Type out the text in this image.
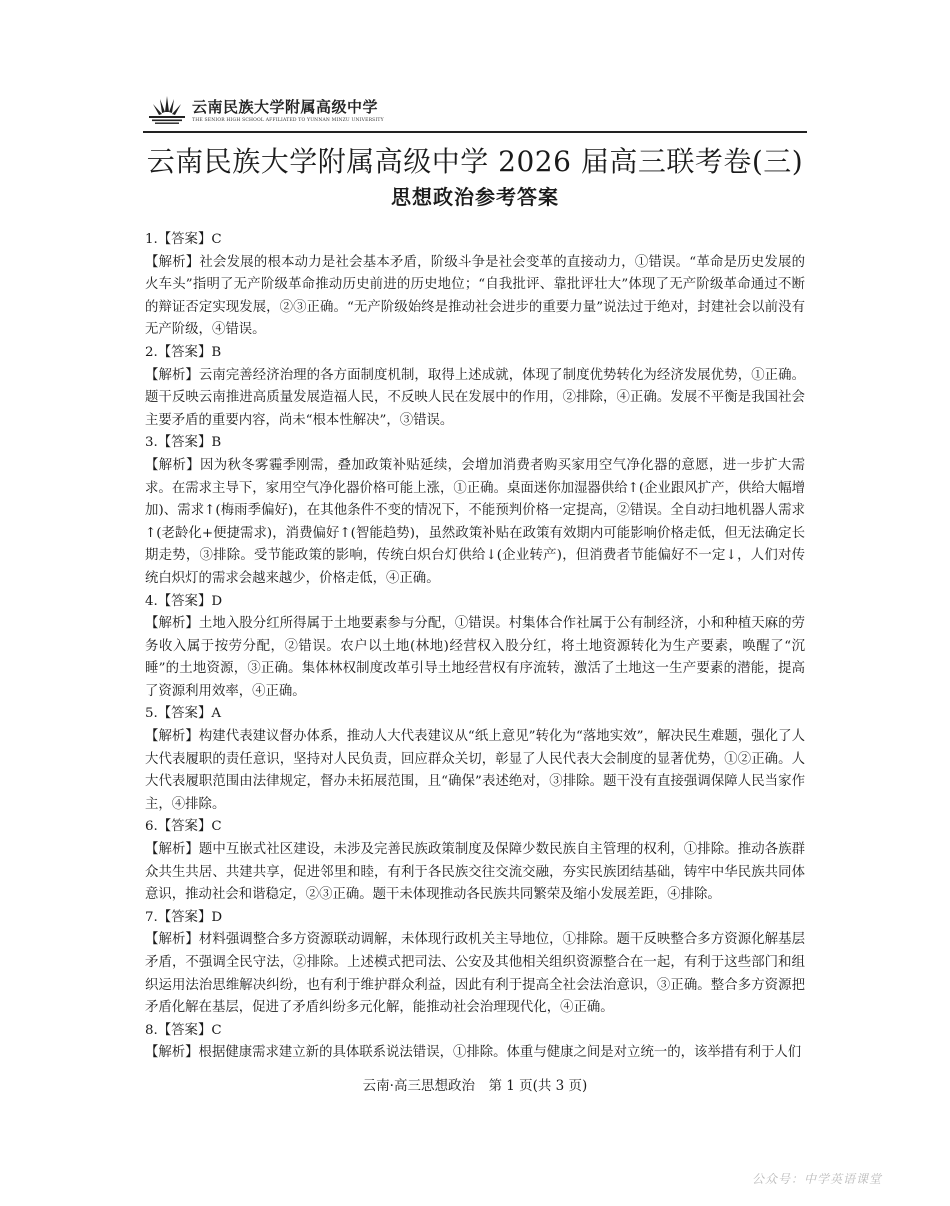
云南民族大学附属高级中学
THE SENIOR HIGH SCHOOL AFFILIATED TO YUNNAN MINZU UNIVERSITY
云南民族大学附属高级中学 2026 届高三联考卷(三)
思想政治参考答案
1.【答案】C
【解析】社会发展的根本动力是社会基本矛盾，阶级斗争是社会变革的直接动力，①错误。“革命是历史发展的火车头”指明了无产阶级革命推动历史前进的历史地位；“自我批评、靠批评壮大”体现了无产阶级革命通过不断的辩证否定实现发展，②③正确。“无产阶级始终是推动社会进步的重要力量”说法过于绝对，封建社会以前没有无产阶级，④错误。
2.【答案】B
【解析】云南完善经济治理的各方面制度机制，取得上述成就，体现了制度优势转化为经济发展优势，①正确。题干反映云南推进高质量发展造福人民，不反映人民在发展中的作用，②排除，④正确。发展不平衡是我国社会主要矛盾的重要内容，尚未“根本性解决”，③错误。
3.【答案】B
【解析】因为秋冬雾霾季刚需，叠加政策补贴延续，会增加消费者购买家用空气净化器的意愿，进一步扩大需求。在需求主导下，家用空气净化器价格可能上涨，①正确。桌面迷你加湿器供给↑(企业跟风扩产，供给大幅增加)、需求↑(梅雨季偏好)，在其他条件不变的情况下，不能预判价格一定提高，②错误。全自动扫地机器人需求↑(老龄化+便捷需求)，消费偏好↑(智能趋势)，虽然政策补贴在政策有效期内可能影响价格走低，但无法确定长期走势，③排除。受节能政策的影响，传统白炽台灯供给↓(企业转产)，但消费者节能偏好不一定↓，人们对传统白炽灯的需求会越来越少，价格走低，④正确。
4.【答案】D
【解析】土地入股分红所得属于土地要素参与分配，①错误。村集体合作社属于公有制经济，小和种植天麻的劳务收入属于按劳分配，②错误。农户以土地(林地)经营权入股分红，将土地资源转化为生产要素，唤醒了“沉睡”的土地资源，③正确。集体林权制度改革引导土地经营权有序流转，激活了土地这一生产要素的潜能，提高了资源利用效率，④正确。
5.【答案】A
【解析】构建代表建议督办体系，推动人大代表建议从“纸上意见”转化为“落地实效”，解决民生难题，强化了人大代表履职的责任意识，坚持对人民负责，回应群众关切，彰显了人民代表大会制度的显著优势，①②正确。人大代表履职范围由法律规定，督办未拓展范围，且“确保”表述绝对，③排除。题干没有直接强调保障人民当家作主，④排除。
6.【答案】C
【解析】题中互嵌式社区建设，未涉及完善民族政策制度及保障少数民族自主管理的权利，①排除。推动各族群众共生共居、共建共享，促进邻里和睦，有利于各民族交往交流交融，夯实民族团结基础，铸牢中华民族共同体意识，推动社会和谐稳定，②③正确。题干未体现推动各民族共同繁荣及缩小发展差距，④排除。
7.【答案】D
【解析】材料强调整合多方资源联动调解，未体现行政机关主导地位，①排除。题干反映整合多方资源化解基层矛盾，不强调全民守法，②排除。上述模式把司法、公安及其他相关组织资源整合在一起，有利于这些部门和组织运用法治思维解决纠纷，也有利于维护群众利益，因此有利于提高全社会法治意识，③正确。整合多方资源把矛盾化解在基层，促进了矛盾纠纷多元化解，能推动社会治理现代化，④正确。
8.【答案】C
【解析】根据健康需求建立新的具体联系说法错误，①排除。体重与健康之间是对立统一的，该举措有利于人们
云南·高三思想政治　第 1 页(共 3 页)
公众号：中学英语课堂
